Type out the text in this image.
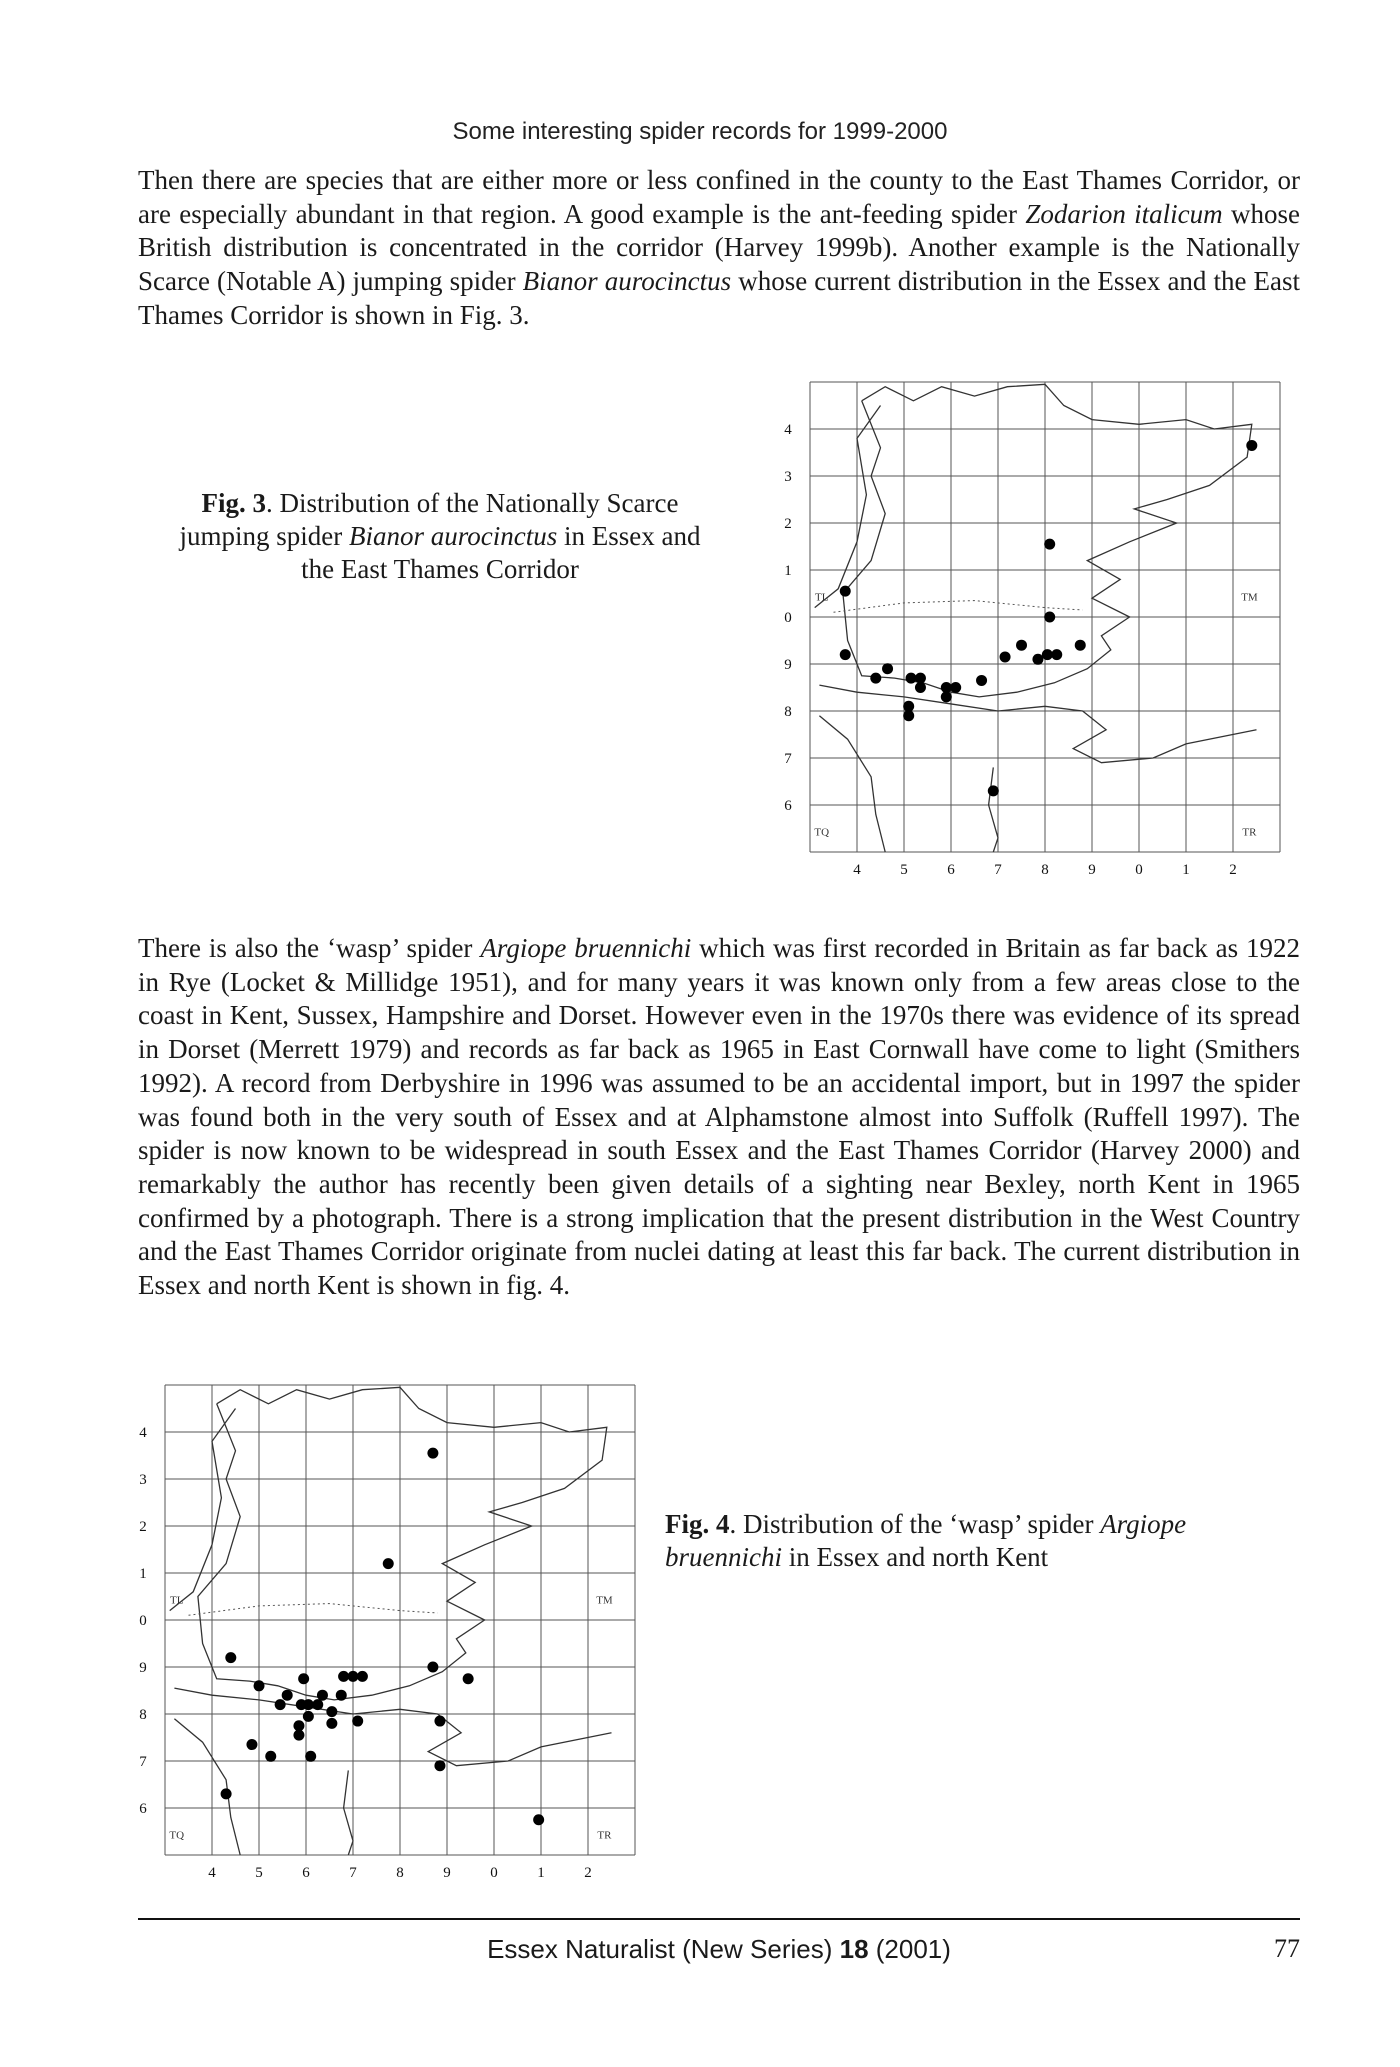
Some interesting spider records for 1999-2000

Then there are species that are either more or less confined in the county to the East Thames Corridor, or are especially abundant in that region. A good example is the ant-feeding spider Zodarion italicum whose British distribution is concentrated in the corridor (Harvey 1999b). Another example is the Nationally Scarce (Notable A) jumping spider Bianor aurocinctus whose current distribution in the Essex and the East Thames Corridor is shown in Fig. 3.

Fig. 3. Distribution of the Nationally Scarce jumping spider Bianor aurocinctus in Essex and the East Thames Corridor

TL	TM
TQ	TR
4
3
2
1
0
9
8
7
6
4	5	6	7	8	9	0	1	2

There is also the ‘wasp’ spider Argiope bruennichi which was first recorded in Britain as far back as 1922 in Rye (Locket & Millidge 1951), and for many years it was known only from a few areas close to the coast in Kent, Sussex, Hampshire and Dorset. However even in the 1970s there was evidence of its spread in Dorset (Merrett 1979) and records as far back as 1965 in East Cornwall have come to light (Smithers 1992). A record from Derbyshire in 1996 was assumed to be an accidental import, but in 1997 the spider was found both in the very south of Essex and at Alphamstone almost into Suffolk (Ruffell 1997). The spider is now known to be widespread in south Essex and the East Thames Corridor (Harvey 2000) and remarkably the author has recently been given details of a sighting near Bexley, north Kent in 1965 confirmed by a photograph. There is a strong implication that the present distribution in the West Country and the East Thames Corridor originate from nuclei dating at least this far back. The current distribution in Essex and north Kent is shown in fig. 4.

TL	TM
TQ	TR
4
3
2
1
0
9
8
7
6
4	5	6	7	8	9	0	1	2

Fig. 4. Distribution of the ‘wasp’ spider Argiope bruennichi in Essex and north Kent

Essex Naturalist (New Series) 18 (2001)	77
